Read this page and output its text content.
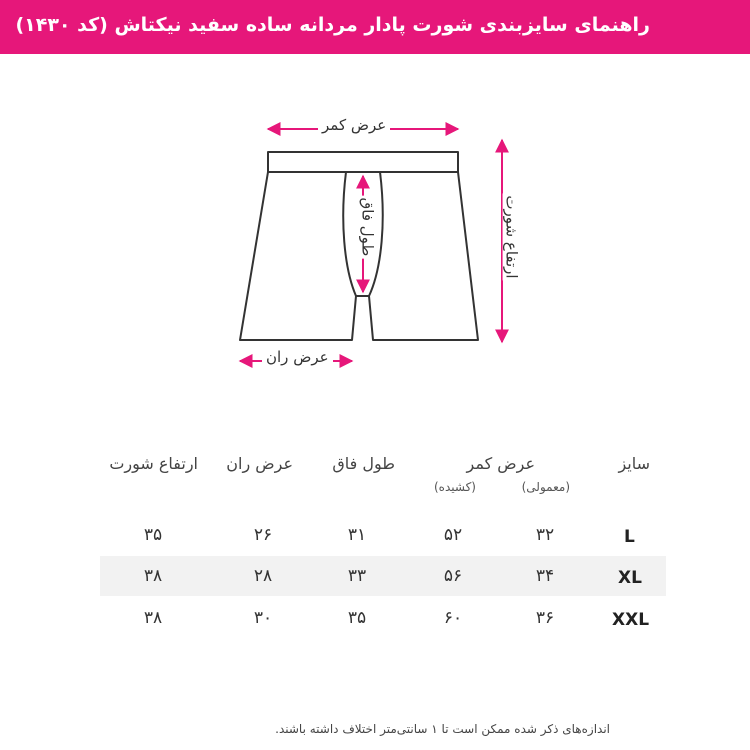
راهنمای سایزبندی شورت پادار مردانه ساده سفید نیکتاش (کد ۱۴۳۰)
عرض کمر
طول فاق	ارتفاع شورت
عرض ران
سایز
عرض کمر
(معمولی)
(کشیده)
طول فاق
عرض ران
ارتفاع شورت
L
۳۲
۵۲
۳۱
۲۶
۳۵
XL
۳۴
۵۶
۳۳
۲۸
۳۸
XXL
۳۶
۶۰
۳۵
۳۰
۳۸
اندازه‌های ذکر شده ممکن است تا ۱ سانتی‌متر اختلاف داشته باشند.
